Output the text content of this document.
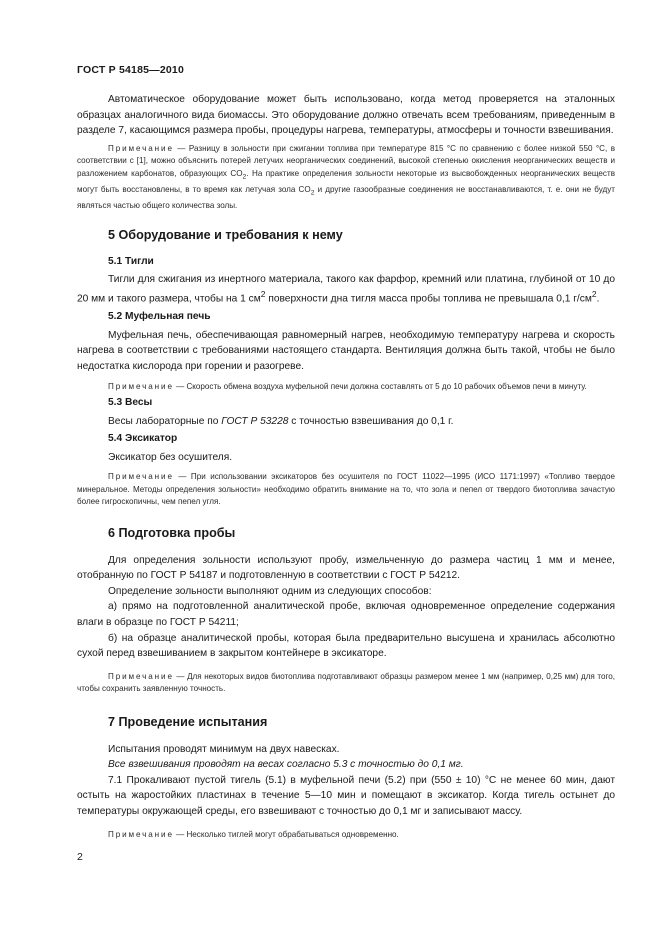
ГОСТ Р 54185—2010

Автоматическое оборудование может быть использовано, когда метод проверяется на эталонных образцах аналогичного вида биомассы. Это оборудование должно отвечать всем требованиям, приведенным в разделе 7, касающимся размера пробы, процедуры нагрева, температуры, атмосферы и точности взвешивания.

Примечание — Разницу в зольности при сжигании топлива при температуре 815 °С по сравнению с более низкой 550 °С, в соответствии с [1], можно объяснить потерей летучих неорганических соединений, высокой степенью окисления неорганических веществ и разложением карбонатов, образующих $CO_2$. На практике определения зольности некоторые из высвобожденных неорганических веществ могут быть восстановлены, в то время как летучая зола $CO_2$ и другие газообразные соединения не восстанавливаются, т. е. они не будут являться частью общего количества золы.

5 Оборудование и требования к нему
5.1 Тигли

Тигли для сжигания из инертного материала, такого как фарфор, кремний или платина, глубиной от 10 до 20 мм и такого размера, чтобы на 1 $см^2$ поверхности дна тигля масса пробы топлива не превышала 0,1 $г/см^2$.

5.2 Муфельная печь

Муфельная печь, обеспечивающая равномерный нагрев, необходимую температуру нагрева и скорость нагрева в соответствии с требованиями настоящего стандарта. Вентиляция должна быть такой, чтобы не было недостатка кислорода при горении и разогреве.

Примечание — Скорость обмена воздуха муфельной печи должна составлять от 5 до 10 рабочих объемов печи в минуту.

5.3 Весы

Весы лабораторные по ГОСТ Р 53228 с точностью взвешивания до 0,1 г.

5.4 Эксикатор

Эксикатор без осушителя.

Примечание — При использовании эксикаторов без осушителя по ГОСТ 11022—1995 (ИСО 1171:1997) «Топливо твердое минеральное. Методы определения зольности» необходимо обратить внимание на то, что зола и пепел от твердого биотоплива зачастую более гигроскопичны, чем пепел угля.

6 Подготовка пробы

Для определения зольности используют пробу, измельченную до размера частиц 1 мм и менее, отобранную по ГОСТ Р 54187 и подготовленную в соответствии с ГОСТ Р 54212.

Определение зольности выполняют одним из следующих способов:

а) прямо на подготовленной аналитической пробе, включая одновременное определение содержания влаги в образце по ГОСТ Р 54211;

б) на образце аналитической пробы, которая была предварительно высушена и хранилась абсолютно сухой перед взвешиванием в закрытом контейнере в эксикаторе.

Примечание — Для некоторых видов биотоплива подготавливают образцы размером менее 1 мм (например, 0,25 мм) для того, чтобы сохранить заявленную точность.

7 Проведение испытания

Испытания проводят минимум на двух навесках.

Все взвешивания проводят на весах согласно 5.3 с точностью до 0,1 мг.

7.1 Прокаливают пустой тигель (5.1) в муфельной печи (5.2) при (550 ± 10) °С не менее 60 мин, дают остыть на жаростойких пластинах в течение 5—10 мин и помещают в эксикатор. Когда тигель остынет до температуры окружающей среды, его взвешивают с точностью до 0,1 мг и записывают массу.

Примечание — Несколько тиглей могут обрабатываться одновременно.

2
